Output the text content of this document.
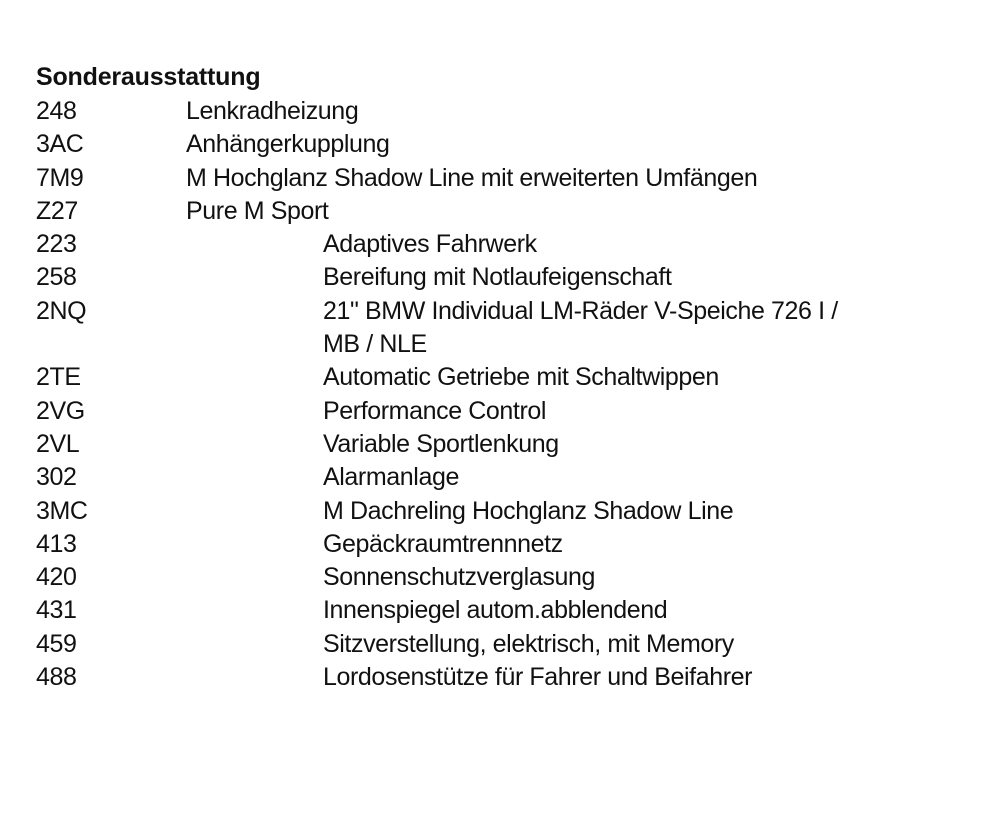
Sonderausstattung
248	Lenkradheizung
3AC	Anhängerkupplung
7M9	M Hochglanz Shadow Line mit erweiterten Umfängen
Z27	Pure M Sport
223	Adaptives Fahrwerk
258	Bereifung mit Notlaufeigenschaft
2NQ	21" BMW Individual LM-Räder V-Speiche 726 I /
MB / NLE
2TE	Automatic Getriebe mit Schaltwippen
2VG	Performance Control
2VL	Variable Sportlenkung
302	Alarmanlage
3MC	M Dachreling Hochglanz Shadow Line
413	Gepäckraumtrennnetz
420	Sonnenschutzverglasung
431	Innenspiegel autom.abblendend
459	Sitzverstellung, elektrisch, mit Memory
488	Lordosenstütze für Fahrer und Beifahrer
